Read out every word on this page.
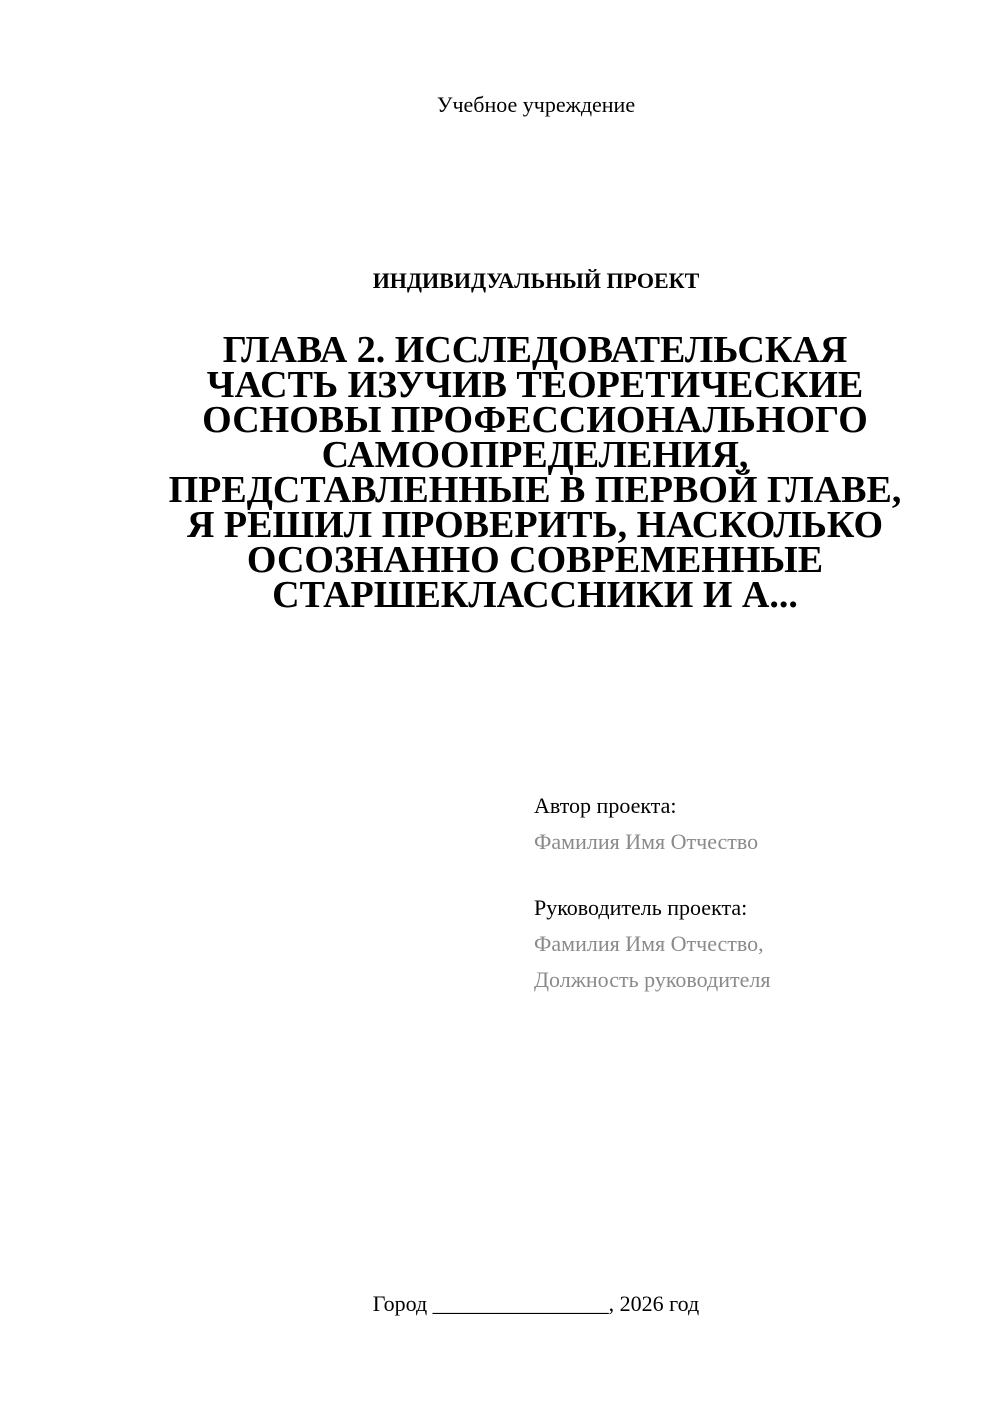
Учебное учреждение
ИНДИВИДУАЛЬНЫЙ ПРОЕКТ
ГЛАВА 2. ИССЛЕДОВАТЕЛЬСКАЯ
ЧАСТЬ ИЗУЧИВ ТЕОРЕТИЧЕСКИЕ
ОСНОВЫ ПРОФЕССИОНАЛЬНОГО
САМООПРЕДЕЛЕНИЯ,
ПРЕДСТАВЛЕННЫЕ В ПЕРВОЙ ГЛАВЕ,
Я РЕШИЛ ПРОВЕРИТЬ, НАСКОЛЬКО
ОСОЗНАННО СОВРЕМЕННЫЕ
СТАРШЕКЛАССНИКИ И А...
Автор проекта:
Фамилия Имя Отчество
Руководитель проекта:
Фамилия Имя Отчество,
Должность руководителя
Город ________________, 2026 год
